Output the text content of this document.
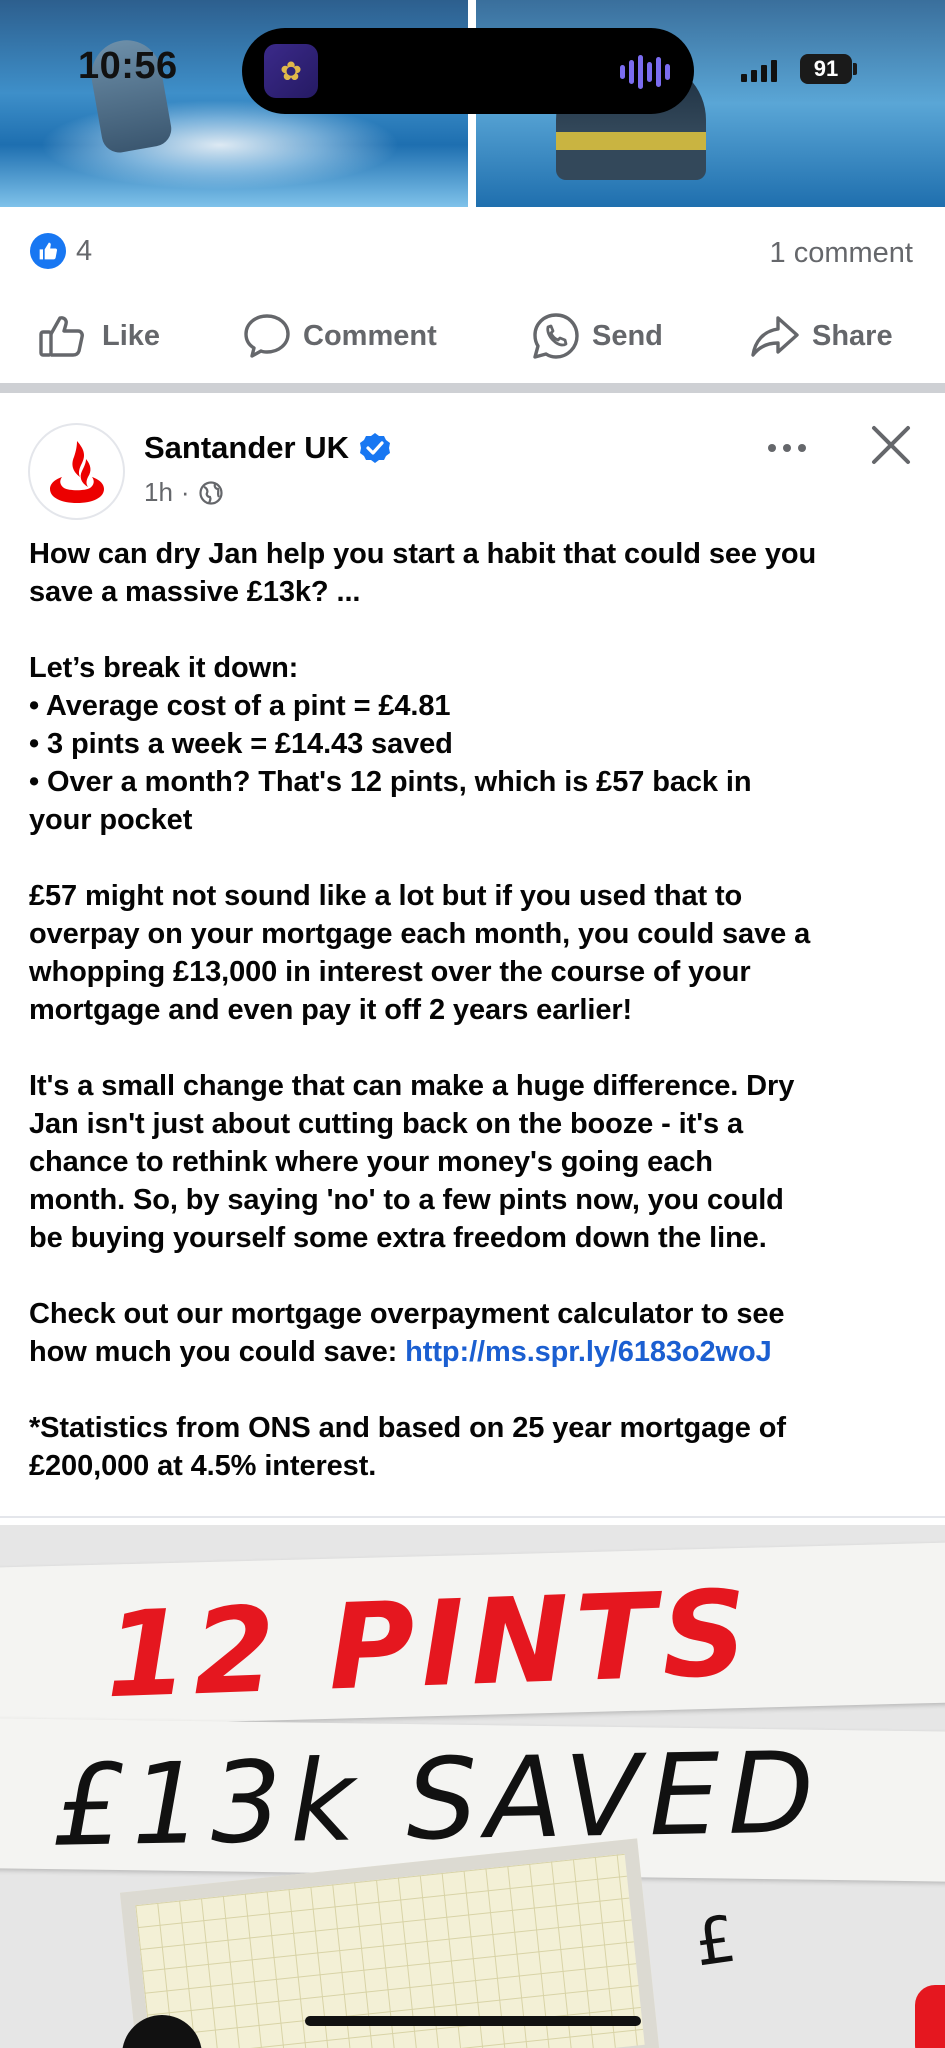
10:56	✿	91
4	1 comment
Like	Comment	Send	Share
Santander UK
1h ·
How can dry Jan help you start a habit that could see you
save a massive £13k? ...
Let’s break it down:
• Average cost of a pint = £4.81
• 3 pints a week = £14.43 saved
• Over a month? That's 12 pints, which is £57 back in
your pocket
£57 might not sound like a lot but if you used that to
overpay on your mortgage each month, you could save a
whopping £13,000 in interest over the course of your
mortgage and even pay it off 2 years earlier!
It's a small change that can make a huge difference. Dry
Jan isn't just about cutting back on the booze - it's a
chance to rethink where your money's going each
month. So, by saying 'no' to a few pints now, you could
be buying yourself some extra freedom down the line.
Check out our mortgage overpayment calculator to see
how much you could save: http://ms.spr.ly/6183o2woJ
*Statistics from ONS and based on 25 year mortgage of
£200,000 at 4.5% interest.
12 PINTS
£13k SAVED
£
